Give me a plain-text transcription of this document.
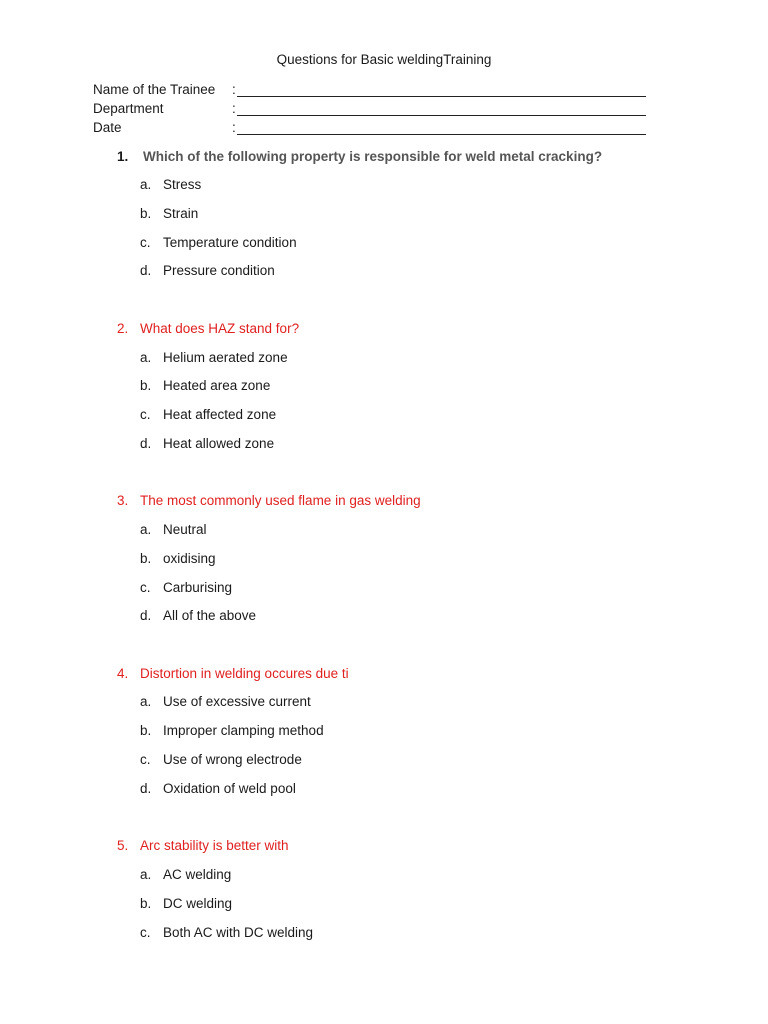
Questions for Basic weldingTraining
Name of the Trainee	:
Department	:
Date	:
1. Which of the following property is responsible for weld metal cracking?
a. Stress
b. Strain
c. Temperature condition
d. Pressure condition
2. What does HAZ stand for?
a. Helium aerated zone
b. Heated area zone
c. Heat affected zone
d. Heat allowed zone
3. The most commonly used flame in gas welding
a. Neutral
b. oxidising
c. Carburising
d. All of the above
4. Distortion in welding occures due ti
a. Use of excessive current
b. Improper clamping method
c. Use of wrong electrode
d. Oxidation of weld pool
5. Arc stability is better with
a. AC welding
b. DC welding
c. Both AC with DC welding
